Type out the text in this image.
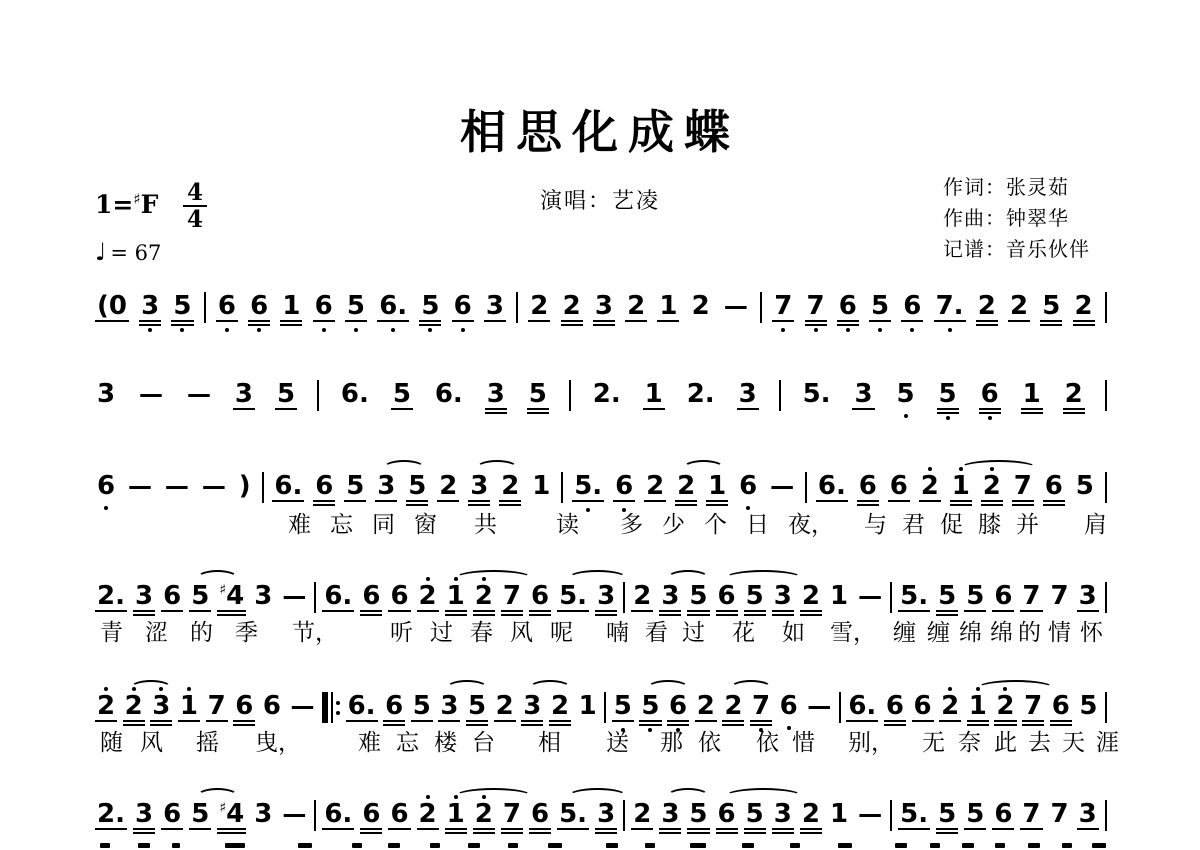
相思化成蝶
演唱：艺凌
作词：张灵茹
作曲：钟翠华
记谱：音乐伙伴
$1=^♯F \frac{4}{4}$
♩ = 67
(0 3 5 6 6 1 6 5 6. 5 6 3 2 2 3 2 1 2 — 7 7 6 5 6 7. 2 2 5 2
3 — — 3 5 6. 5 6. 3 5 2. 1 2. 3 5. 3 5 5 6 1 2
6 — — — ) 6. 6 5 3 5 2 3 2 1 5. 6 2 2 1 6 — 6. 6 6 2 1 2 7 6 5
2. 3 6 5 ♯ 4 3 — 6. 6 6 2 1 2 7 6 5. 3 2 3 5 6 5 3 2 1 — 5. 5 5 6 7 7 3
2 2 3 1 7 6 6 — 6. 6 5 3 5 2 3 2 1 5 5 6 2 2 7 6 — 6. 6 6 2 1 2 7 6 5
2. 3 6 5 ♯ 4 3 — 6. 6 6 2 1 2 7 6 5. 3 2 3 5 6 5 3 2 1 — 5. 5 5 6 7 7 3
难 忘 同 窗 共	读 多 少 个 日 夜， 与 君 促 膝 并 肩
青 涩 的 季 节， 听 过 春 风 呢 喃 看 过 花 如 雪， 缠 缠 绵 绵 的 情 怀
随 风 摇 曳， 难 忘 楼 台 相 送 那 依 依 惜 别， 无 奈 此 去 天 涯
